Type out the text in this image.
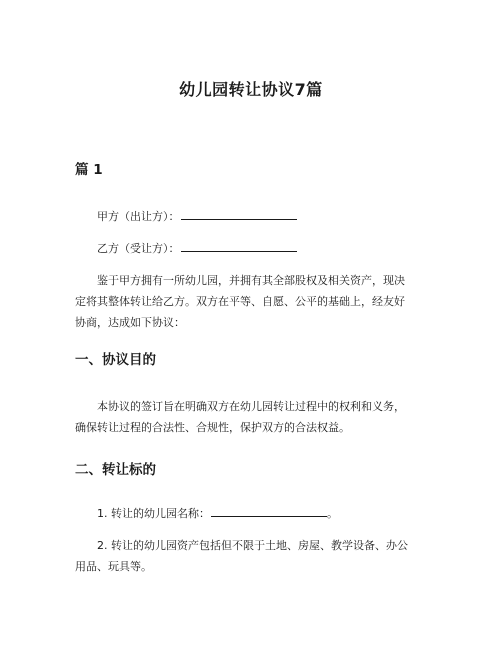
幼儿园转让协议7篇
篇 1
甲方（出让方）：
乙方（受让方）：
鉴于甲方拥有一所幼儿园，并拥有其全部股权及相关资产，现决
定将其整体转让给乙方。双方在平等、自愿、公平的基础上，经友好
协商，达成如下协议：
一、协议目的
本协议的签订旨在明确双方在幼儿园转让过程中的权利和义务，
确保转让过程的合法性、合规性，保护双方的合法权益。
二、转让标的
1. 转让的幼儿园名称：	。
2. 转让的幼儿园资产包括但不限于土地、房屋、教学设备、办公
用品、玩具等。
